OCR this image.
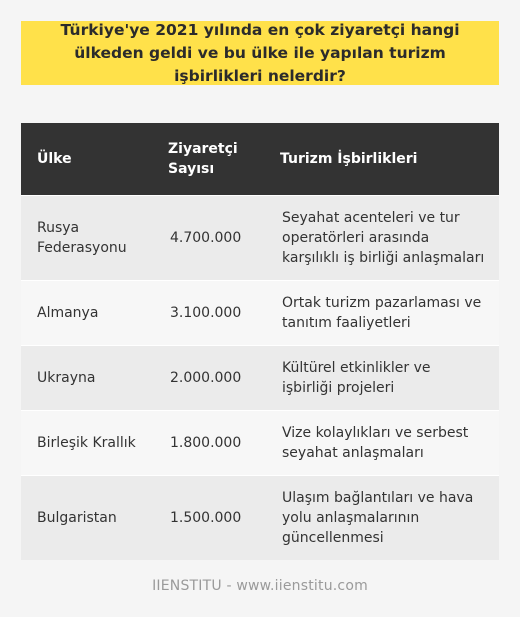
Türkiye'ye 2021 yılında en çok ziyaretçi hangi ülkeden geldi ve bu ülke ile yapılan turizm işbirlikleri nelerdir?
Ülke	Ziyaretçi Sayısı	Turizm İşbirlikleri
Rusya Federasyonu	4.700.000	Seyahat acenteleri ve tur operatörleri arasında karşılıklı iş birliği anlaşmaları
Almanya	3.100.000	Ortak turizm pazarlaması ve tanıtım faaliyetleri
Ukrayna	2.000.000	Kültürel etkinlikler ve işbirliği projeleri
Birleşik Krallık	1.800.000	Vize kolaylıkları ve serbest seyahat anlaşmaları
Bulgaristan	1.500.000	Ulaşım bağlantıları ve hava yolu anlaşmalarının güncellenmesi
IIENSTITU - www.iienstitu.com
